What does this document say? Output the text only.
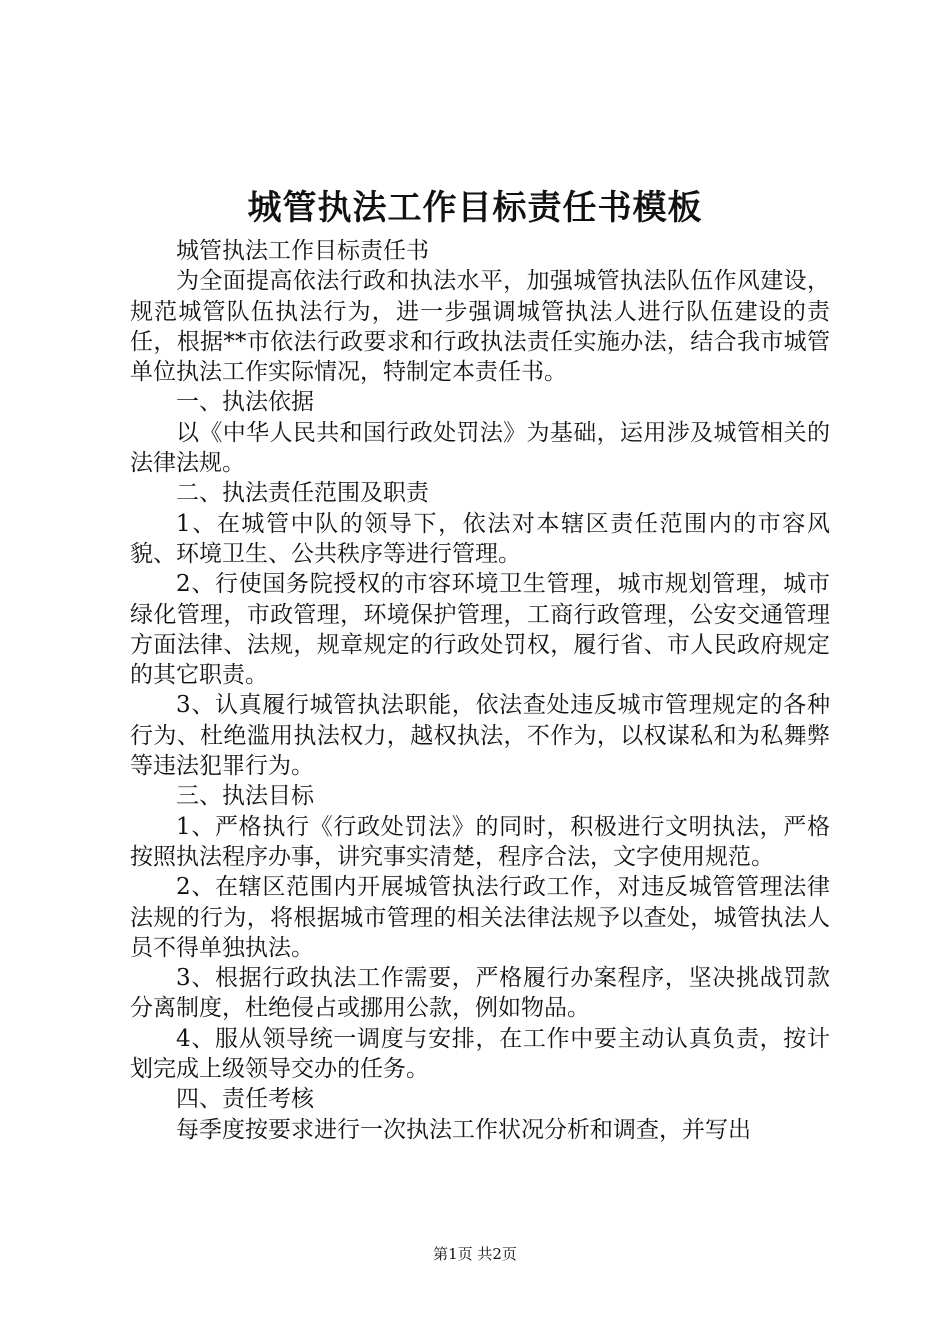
城管执法工作目标责任书模板

城管执法工作目标责任书

为全面提高依法行政和执法水平，加强城管执法队伍作风建设，规范城管队伍执法行为，进一步强调城管执法人进行队伍建设的责任，根据**市依法行政要求和行政执法责任实施办法，结合我市城管单位执法工作实际情况，特制定本责任书。

一、执法依据

以《中华人民共和国行政处罚法》为基础，运用涉及城管相关的法律法规。

二、执法责任范围及职责

1、在城管中队的领导下，依法对本辖区责任范围内的市容风貌、环境卫生、公共秩序等进行管理。

2、行使国务院授权的市容环境卫生管理，城市规划管理，城市绿化管理，市政管理，环境保护管理，工商行政管理，公安交通管理方面法律、法规，规章规定的行政处罚权，履行省、市人民政府规定的其它职责。

3、认真履行城管执法职能，依法查处违反城市管理规定的各种行为、杜绝滥用执法权力，越权执法，不作为，以权谋私和为私舞弊等违法犯罪行为。

三、执法目标

1、严格执行《行政处罚法》的同时，积极进行文明执法，严格按照执法程序办事，讲究事实清楚，程序合法，文字使用规范。

2、在辖区范围内开展城管执法行政工作，对违反城管管理法律法规的行为，将根据城市管理的相关法律法规予以查处，城管执法人员不得单独执法。

3、根据行政执法工作需要，严格履行办案程序，坚决挑战罚款分离制度，杜绝侵占或挪用公款，例如物品。

4、服从领导统一调度与安排，在工作中要主动认真负责，按计划完成上级领导交办的任务。

四、责任考核

每季度按要求进行一次执法工作状况分析和调查，并写出

第1页 共2页
